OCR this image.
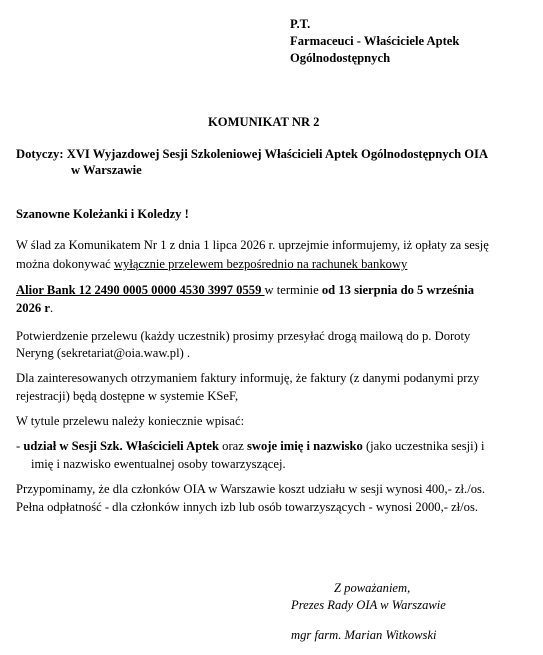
P.T.
Farmaceuci - Właściciele Aptek
Ogólnodostępnych
KOMUNIKAT NR 2
Dotyczy: XVI Wyjazdowej Sesji Szkoleniowej Właścicieli Aptek Ogólnodostępnych OIA
w Warszawie
Szanowne Koleżanki i Koledzy !
W ślad za Komunikatem Nr 1 z dnia 1 lipca 2026 r. uprzejmie informujemy, iż opłaty za sesję
można dokonywać wyłącznie przelewem bezpośrednio na rachunek bankowy
Alior Bank 12 2490 0005 0000 4530 3997 0559 w terminie od 13 sierpnia do 5 września
2026 r.
Potwierdzenie przelewu (każdy uczestnik) prosimy przesyłać drogą mailową do p. Doroty
Neryng (sekretariat@oia.waw.pl) .
Dla zainteresowanych otrzymaniem faktury informuję, że faktury (z danymi podanymi przy
rejestracji) będą dostępne w systemie KSeF,
W tytule przelewu należy koniecznie wpisać:
- udział w Sesji Szk. Właścicieli Aptek oraz swoje imię i nazwisko (jako uczestnika sesji) i
imię i nazwisko ewentualnej osoby towarzyszącej.
Przypominamy, że dla członków OIA w Warszawie koszt udziału w sesji wynosi 400,- zł./os.
Pełna odpłatność - dla członków innych izb lub osób towarzyszących - wynosi 2000,- zł/os.
Z poważaniem,
Prezes Rady OIA w Warszawie
mgr farm. Marian Witkowski
